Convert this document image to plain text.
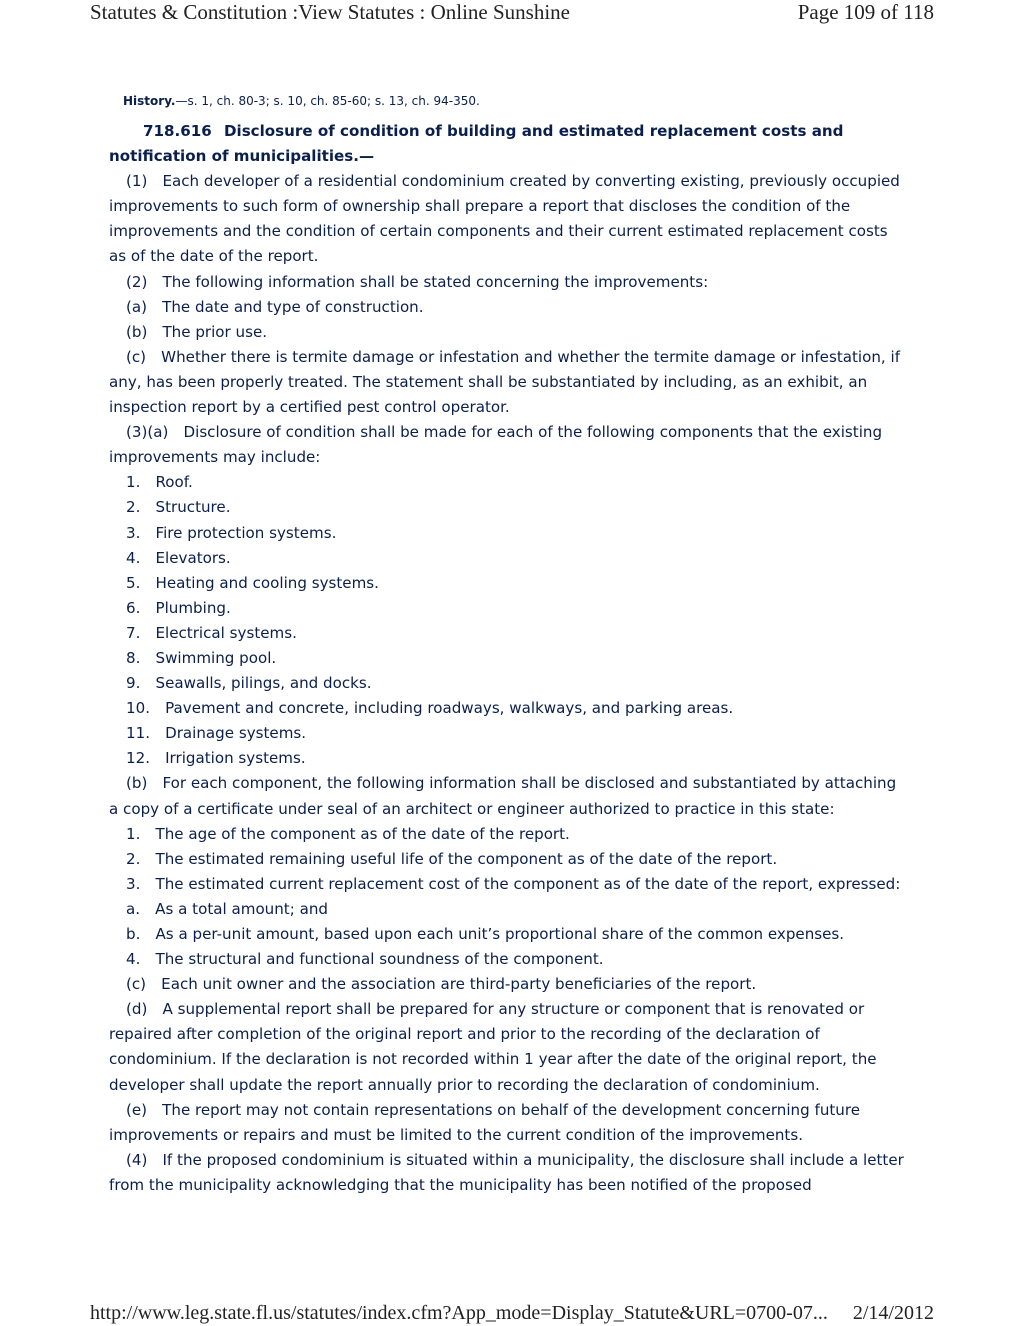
Statutes & Constitution :View Statutes : Online Sunshine	Page 109 of 118

History.—s. 1, ch. 80-3; s. 10, ch. 85-60; s. 13, ch. 94-350.

718.616 Disclosure of condition of building and estimated replacement costs and notification of municipalities.—

(1) Each developer of a residential condominium created by converting existing, previously occupied improvements to such form of ownership shall prepare a report that discloses the condition of the improvements and the condition of certain components and their current estimated replacement costs as of the date of the report.

(2) The following information shall be stated concerning the improvements:

(a) The date and type of construction.

(b) The prior use.

(c) Whether there is termite damage or infestation and whether the termite damage or infestation, if any, has been properly treated. The statement shall be substantiated by including, as an exhibit, an inspection report by a certified pest control operator.

(3)(a) Disclosure of condition shall be made for each of the following components that the existing improvements may include:

1. Roof.

2. Structure.

3. Fire protection systems.

4. Elevators.

5. Heating and cooling systems.

6. Plumbing.

7. Electrical systems.

8. Swimming pool.

9. Seawalls, pilings, and docks.

10. Pavement and concrete, including roadways, walkways, and parking areas.

11. Drainage systems.

12. Irrigation systems.

(b) For each component, the following information shall be disclosed and substantiated by attaching a copy of a certificate under seal of an architect or engineer authorized to practice in this state:

1. The age of the component as of the date of the report.

2. The estimated remaining useful life of the component as of the date of the report.

3. The estimated current replacement cost of the component as of the date of the report, expressed:

a. As a total amount; and

b. As a per-unit amount, based upon each unit’s proportional share of the common expenses.

4. The structural and functional soundness of the component.

(c) Each unit owner and the association are third-party beneficiaries of the report.

(d) A supplemental report shall be prepared for any structure or component that is renovated or repaired after completion of the original report and prior to the recording of the declaration of condominium. If the declaration is not recorded within 1 year after the date of the original report, the developer shall update the report annually prior to recording the declaration of condominium.

(e) The report may not contain representations on behalf of the development concerning future improvements or repairs and must be limited to the current condition of the improvements.

(4) If the proposed condominium is situated within a municipality, the disclosure shall include a letter from the municipality acknowledging that the municipality has been notified of the proposed

http://www.leg.state.fl.us/statutes/index.cfm?App_mode=Display_Statute&URL=0700-07... 2/14/2012
